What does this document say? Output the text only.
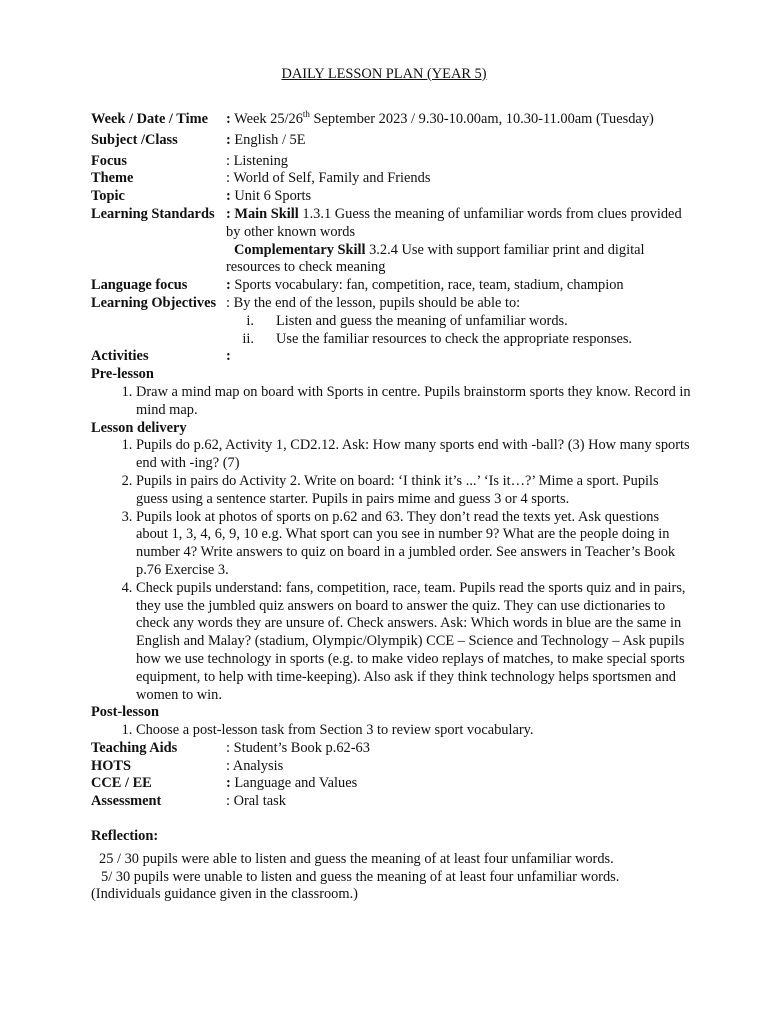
DAILY LESSON PLAN (YEAR 5)
Week / Date / Time	: Week 25/26th September 2023 / 9.30-10.00am, 10.30-11.00am (Tuesday)
Subject /Class	: English / 5E
Focus	: Listening
Theme	: World of Self, Family and Friends
Topic	: Unit 6 Sports
Learning Standards : Main Skill 1.3.1 Guess the meaning of unfamiliar words from clues provided by other known words
Complementary Skill 3.2.4 Use with support familiar print and digital resources to check meaning
Language focus	: Sports vocabulary: fan, competition, race, team, stadium, champion
Learning Objectives : By the end of the lesson, pupils should be able to:
i.	Listen and guess the meaning of unfamiliar words.
ii.	Use the familiar resources to check the appropriate responses.
Activities	:
Pre-lesson
1. Draw a mind map on board with Sports in centre. Pupils brainstorm sports they know. Record in mind map.
Lesson delivery
1. Pupils do p.62, Activity 1, CD2.12. Ask: How many sports end with -ball? (3) How many sports end with -ing? (7)
2. Pupils in pairs do Activity 2. Write on board: ‘I think it’s ...’ ‘Is it…?’ Mime a sport. Pupils guess using a sentence starter. Pupils in pairs mime and guess 3 or 4 sports.
3. Pupils look at photos of sports on p.62 and 63. They don’t read the texts yet. Ask questions about 1, 3, 4, 6, 9, 10 e.g. What sport can you see in number 9? What are the people doing in number 4? Write answers to quiz on board in a jumbled order. See answers in Teacher’s Book p.76 Exercise 3.
4. Check pupils understand: fans, competition, race, team. Pupils read the sports quiz and in pairs, they use the jumbled quiz answers on board to answer the quiz. They can use dictionaries to check any words they are unsure of. Check answers. Ask: Which words in blue are the same in English and Malay? (stadium, Olympic/Olympik) CCE – Science and Technology – Ask pupils how we use technology in sports (e.g. to make video replays of matches, to make special sports equipment, to help with time-keeping). Also ask if they think technology helps sportsmen and women to win.
Post-lesson
1. Choose a post-lesson task from Section 3 to review sport vocabulary.
Teaching Aids	: Student’s Book p.62-63
HOTS	: Analysis
CCE / EE	: Language and Values
Assessment	: Oral task
Reflection:
25 / 30 pupils were able to listen and guess the meaning of at least four unfamiliar words.
5/ 30 pupils were unable to listen and guess the meaning of at least four unfamiliar words.
(Individuals guidance given in the classroom.)
